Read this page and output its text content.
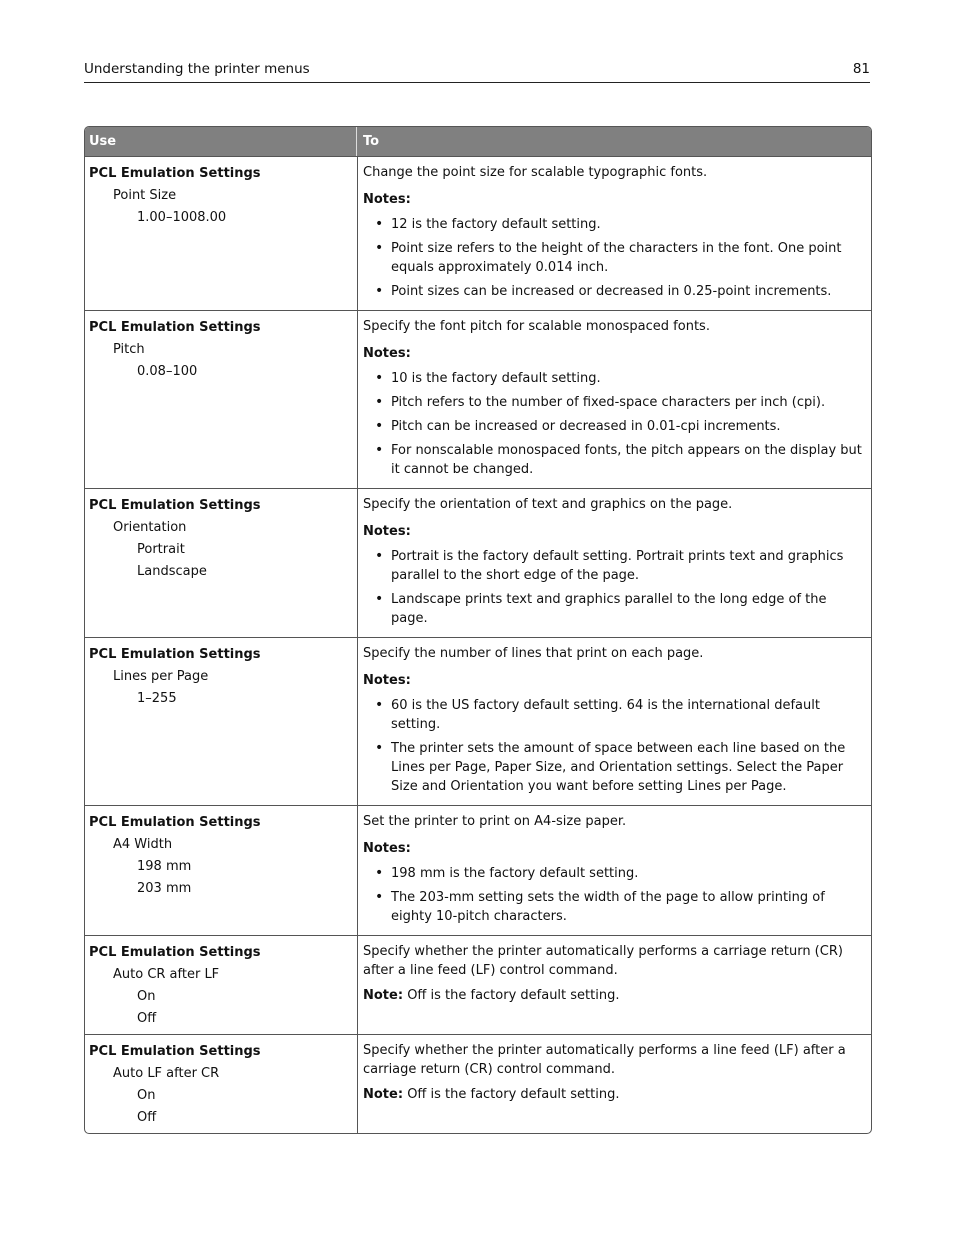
Understanding the printer menus	81
Use	To
PCL Emulation Settings
Point Size
1.00–1008.00
Change the point size for scalable typographic fonts.
Notes:
• 12 is the factory default setting.
• Point size refers to the height of the characters in the font. One point equals approximately 0.014 inch.
• Point sizes can be increased or decreased in 0.25‑point increments.
PCL Emulation Settings
Pitch
0.08–100
Specify the font pitch for scalable monospaced fonts.
Notes:
• 10 is the factory default setting.
• Pitch refers to the number of fixed‑space characters per inch (cpi).
• Pitch can be increased or decreased in 0.01‑cpi increments.
• For nonscalable monospaced fonts, the pitch appears on the display but it cannot be changed.
PCL Emulation Settings
Orientation
Portrait
Landscape
Specify the orientation of text and graphics on the page.
Notes:
• Portrait is the factory default setting. Portrait prints text and graphics parallel to the short edge of the page.
• Landscape prints text and graphics parallel to the long edge of the page.
PCL Emulation Settings
Lines per Page
1–255
Specify the number of lines that print on each page.
Notes:
• 60 is the US factory default setting. 64 is the international default setting.
• The printer sets the amount of space between each line based on the Lines per Page, Paper Size, and Orientation settings. Select the Paper Size and Orientation you want before setting Lines per Page.
PCL Emulation Settings
A4 Width
198 mm
203 mm
Set the printer to print on A4‑size paper.
Notes:
• 198 mm is the factory default setting.
• The 203‑mm setting sets the width of the page to allow printing of eighty 10‑pitch characters.
PCL Emulation Settings
Auto CR after LF
On
Off
Specify whether the printer automatically performs a carriage return (CR) after a line feed (LF) control command.
Note: Off is the factory default setting.
PCL Emulation Settings
Auto LF after CR
On
Off
Specify whether the printer automatically performs a line feed (LF) after a carriage return (CR) control command.
Note: Off is the factory default setting.
